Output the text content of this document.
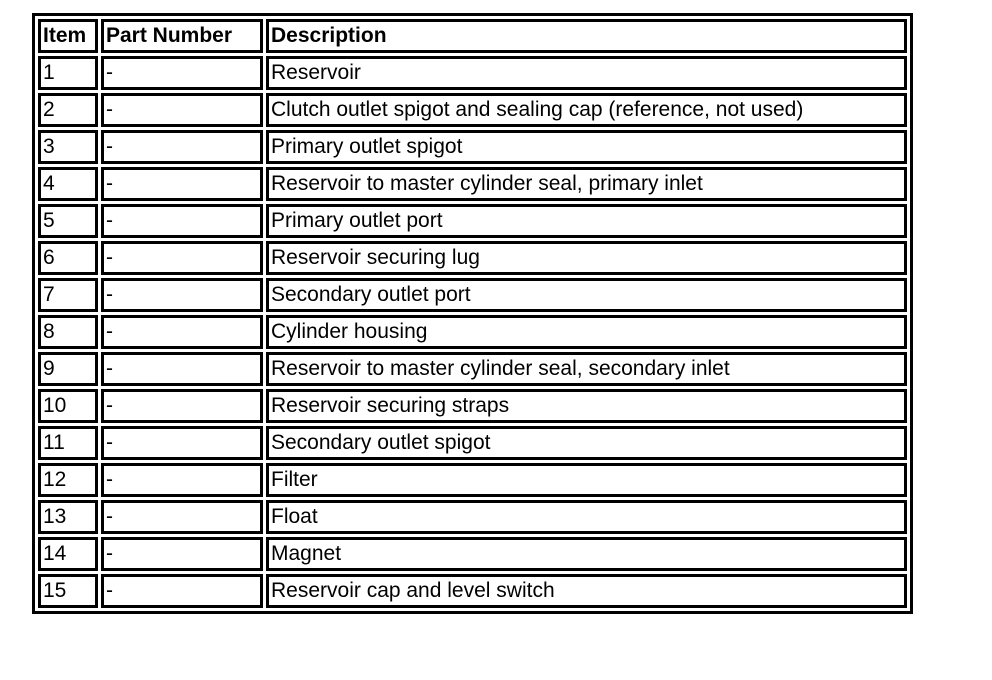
Item	Part Number	Description
1	-	Reservoir
2	-	Clutch outlet spigot and sealing cap (reference, not used)
3	-	Primary outlet spigot
4	-	Reservoir to master cylinder seal, primary inlet
5	-	Primary outlet port
6	-	Reservoir securing lug
7	-	Secondary outlet port
8	-	Cylinder housing
9	-	Reservoir to master cylinder seal, secondary inlet
10	-	Reservoir securing straps
11	-	Secondary outlet spigot
12	-	Filter
13	-	Float
14	-	Magnet
15	-	Reservoir cap and level switch
